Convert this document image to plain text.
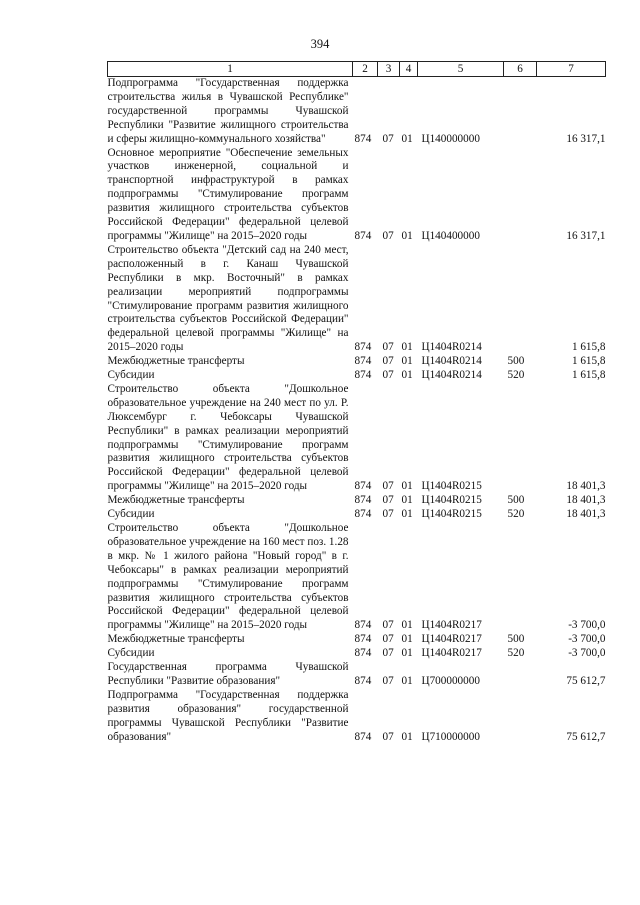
394
1	2	3	4	5	6	7
Подпрограмма "Государственная поддержка строительства жилья в Чувашской Республике" государственной программы Чувашской Республики "Развитие жилищного строительства и сферы жилищно-коммунального хозяйства"	874	07	01	Ц140000000		16 317,1
Основное мероприятие "Обеспечение земельных участков инженерной, социальной и транспортной инфраструктурой в рамках подпрограммы "Стимулирование программ развития жилищного строительства субъектов Российской Федерации" федеральной целевой программы "Жилище" на 2015–2020 годы	874	07	01	Ц140400000		16 317,1
Строительство объекта "Детский сад на 240 мест, расположенный в г. Канаш Чувашской Республики в мкр. Восточный" в рамках реализации мероприятий подпрограммы "Стимулирование программ развития жилищного строительства субъектов Российской Федерации" федеральной целевой программы "Жилище" на 2015–2020 годы	874	07	01	Ц1404R0214		1 615,8
Межбюджетные трансферты	874	07	01	Ц1404R0214	500	1 615,8
Субсидии	874	07	01	Ц1404R0214	520	1 615,8
Строительство объекта "Дошкольное образовательное учреждение на 240 мест по ул. Р. Люксембург г. Чебоксары Чувашской Республики" в рамках реализации мероприятий подпрограммы "Стимулирование программ развития жилищного строительства субъектов Российской Федерации" федеральной целевой программы "Жилище" на 2015–2020 годы	874	07	01	Ц1404R0215		18 401,3
Межбюджетные трансферты	874	07	01	Ц1404R0215	500	18 401,3
Субсидии	874	07	01	Ц1404R0215	520	18 401,3
Строительство объекта "Дошкольное образовательное учреждение на 160 мест поз. 1.28 в мкр. № 1 жилого района "Новый город" в г. Чебоксары" в рамках реализации мероприятий подпрограммы "Стимулирование программ развития жилищного строительства субъектов Российской Федерации" федеральной целевой программы "Жилище" на 2015–2020 годы	874	07	01	Ц1404R0217		-3 700,0
Межбюджетные трансферты	874	07	01	Ц1404R0217	500	-3 700,0
Субсидии	874	07	01	Ц1404R0217	520	-3 700,0
Государственная программа Чувашской Республики "Развитие образования"	874	07	01	Ц700000000		75 612,7
Подпрограмма "Государственная поддержка развития образования" государственной программы Чувашской Республики "Развитие образования"	874	07	01	Ц710000000		75 612,7
